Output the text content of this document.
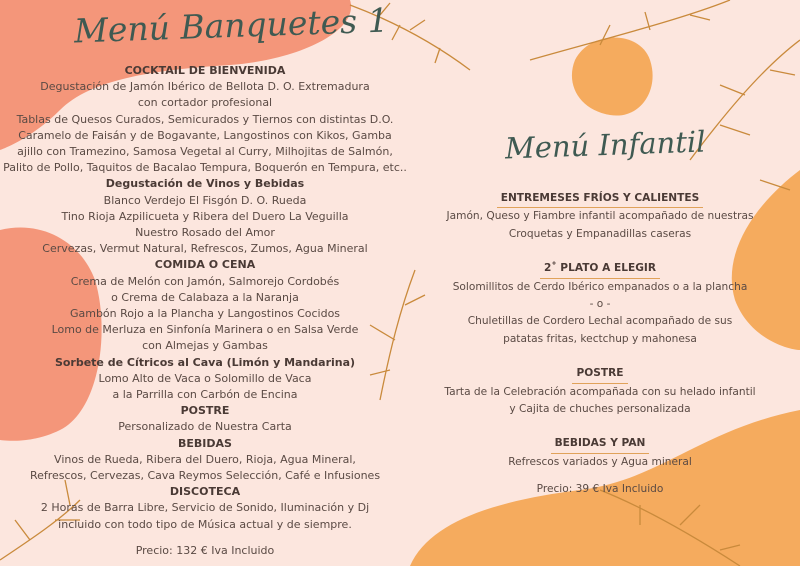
Menú Banquetes 1
Menú Infantil
COCKTAIL DE BIENVENIDA
Degustación de Jamón Ibérico de Bellota D. O. Extremadura
con cortador profesional
Tablas de Quesos Curados, Semicurados y Tiernos con distintas D.O.
Caramelo de Faisán y de Bogavante, Langostinos con Kikos, Gamba
ajillo con Tramezino, Samosa Vegetal al Curry, Milhojitas de Salmón,
Palito de Pollo, Taquitos de Bacalao Tempura, Boquerón en Tempura, etc..
Degustación de Vinos y Bebidas
Blanco Verdejo El Fisgón D. O. Rueda
Tino Rioja Azpilicueta y Ribera del Duero La Veguilla
Nuestro Rosado del Amor
Cervezas, Vermut Natural, Refrescos, Zumos, Agua Mineral
COMIDA O CENA
Crema de Melón con Jamón, Salmorejo Cordobés
o Crema de Calabaza a la Naranja
Gambón Rojo a la Plancha y Langostinos Cocidos
Lomo de Merluza en Sinfonía Marinera o en Salsa Verde
con Almejas y Gambas
Sorbete de Cítricos al Cava (Limón y Mandarina)
Lomo Alto de Vaca o Solomillo de Vaca
a la Parrilla con Carbón de Encina
POSTRE
Personalizado de Nuestra Carta
BEBIDAS
Vinos de Rueda, Ribera del Duero, Rioja, Agua Mineral,
Refrescos, Cervezas, Cava Reymos Selección, Café e Infusiones
DISCOTECA
2 Horas de Barra Libre, Servicio de Sonido, Iluminación y Dj
incluido con todo tipo de Música actual y de siempre.
Precio: 132 € Iva Incluido
ENTREMESES FRÍOS Y CALIENTES
Jamón, Queso y Fiambre infantil acompañado de nuestras
Croquetas y Empanadillas caseras
2˚ PLATO A ELEGIR
Solomillitos de Cerdo Ibérico empanados o a la plancha
- o -
Chuletillas de Cordero Lechal acompañado de sus
patatas fritas, kectchup y mahonesa
POSTRE
Tarta de la Celebración acompañada con su helado infantil
y Cajita de chuches personalizada
BEBIDAS Y PAN
Refrescos variados y Agua mineral
Precio: 39 € Iva Incluido
